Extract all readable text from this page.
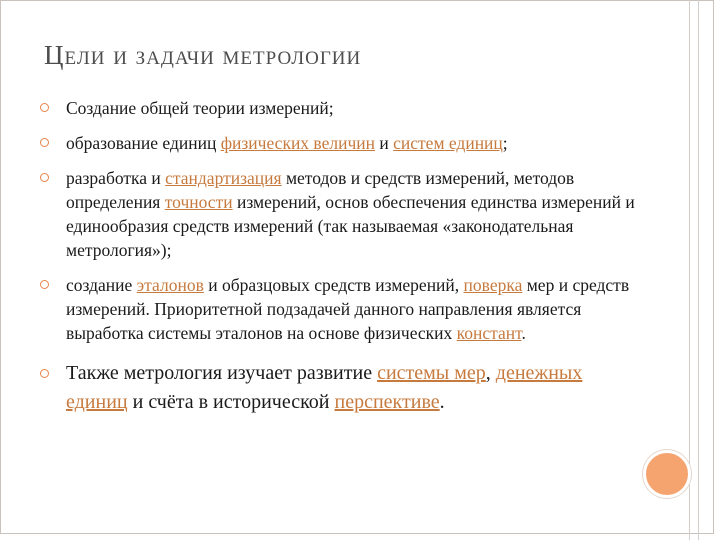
Цели и задачи метрологии
Создание общей теории измерений;
образование единиц физических величин и систем единиц;
разработка и стандартизация методов и средств измерений, методов определения точности измерений, основ обеспечения единства измерений и единообразия средств измерений (так называемая «законодательная метрология»);
создание эталонов и образцовых средств измерений, поверка мер и средств измерений. Приоритетной подзадачей данного направления является выработка системы эталонов на основе физических констант.
Также метрология изучает развитие системы мер, денежных единиц и счёта в исторической перспективе.
